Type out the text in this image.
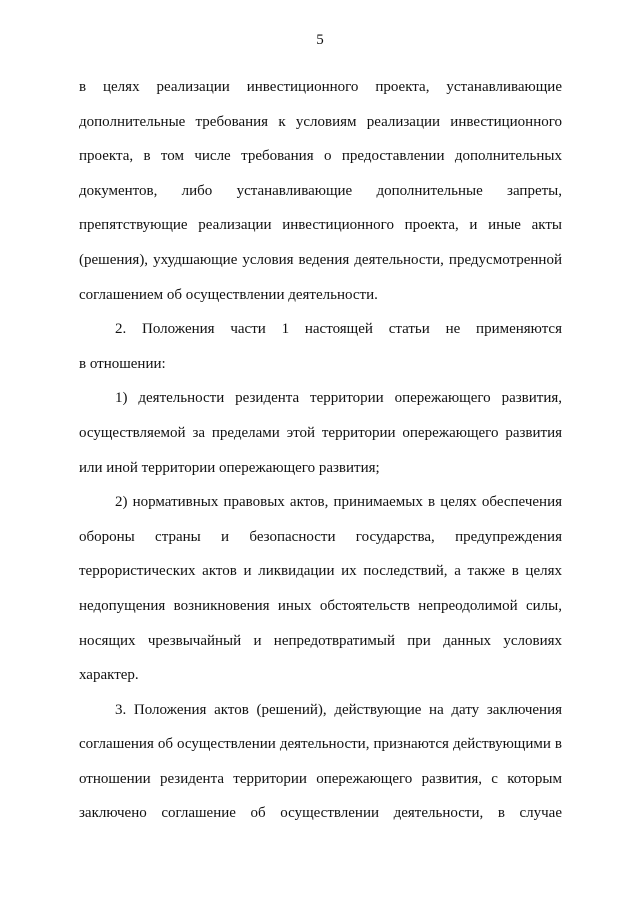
5
в целях реализации инвестиционного проекта, устанавливающие
дополнительные требования к условиям реализации инвестиционного
проекта, в том числе требования о предоставлении дополнительных
документов, либо устанавливающие дополнительные запреты,
препятствующие реализации инвестиционного проекта, и иные акты
(решения), ухудшающие условия ведения деятельности, предусмотренной
соглашением об осуществлении деятельности.
2. Положения части 1 настоящей статьи не применяются
в отношении:
1) деятельности резидента территории опережающего развития,
осуществляемой за пределами этой территории опережающего развития
или иной территории опережающего развития;
2) нормативных правовых актов, принимаемых в целях обеспечения
обороны страны и безопасности государства, предупреждения
террористических актов и ликвидации их последствий, а также в целях
недопущения возникновения иных обстоятельств непреодолимой силы,
носящих чрезвычайный и непредотвратимый при данных условиях
характер.
3. Положения актов (решений), действующие на дату заключения
соглашения об осуществлении деятельности, признаются действующими в
отношении резидента территории опережающего развития, с которым
заключено соглашение об осуществлении деятельности, в случае
